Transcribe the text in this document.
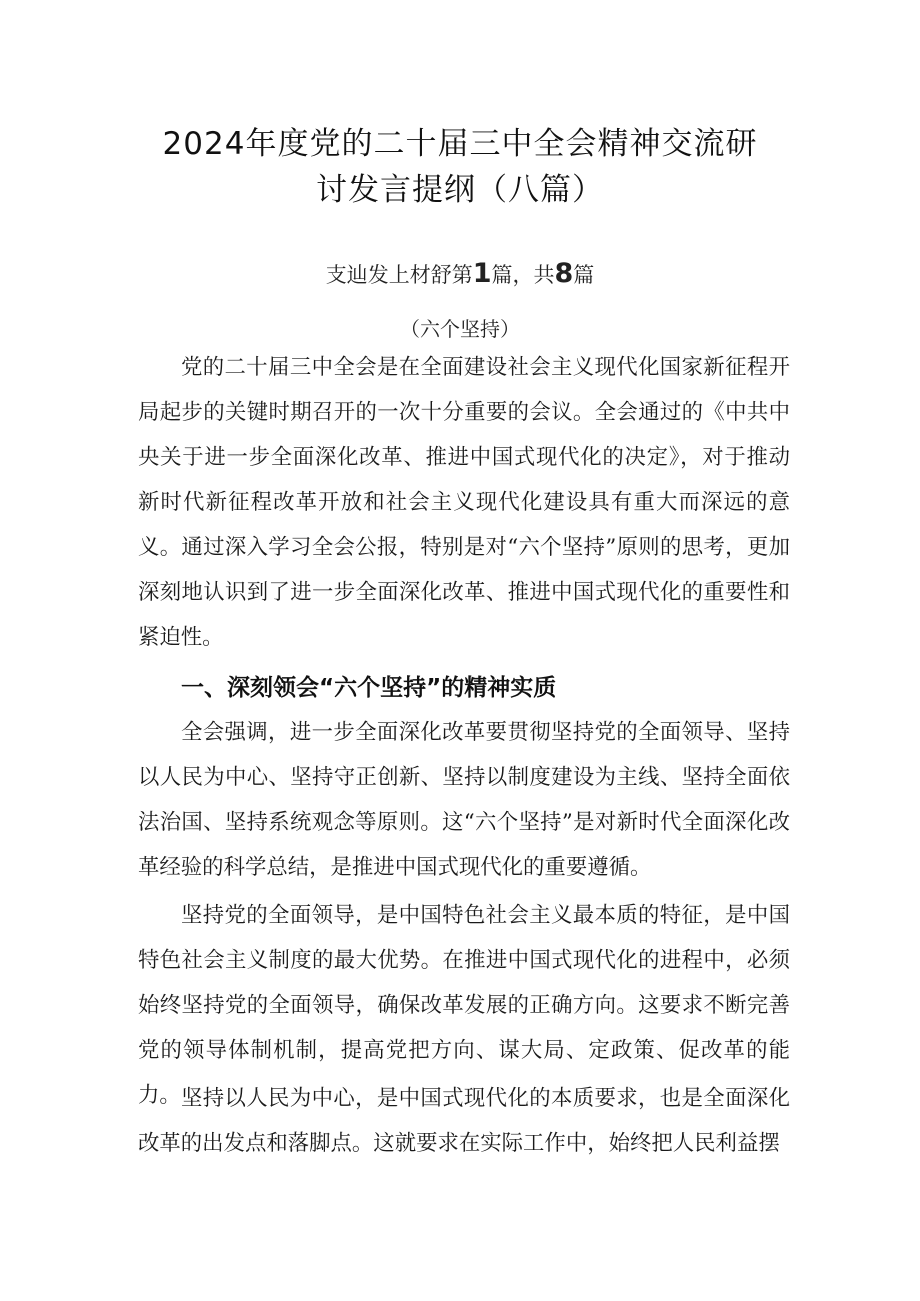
2024年度党的二十届三中全会精神交流研
讨发言提纲（八篇）
支辿发上材舒第1篇，共8篇
（六个坚持）

党的二十届三中全会是在全面建设社会主义现代化国家新征程开局起步的关键时期召开的一次十分重要的会议。全会通过的《中共中央关于进一步全面深化改革、推进中国式现代化的决定》，对于推动新时代新征程改革开放和社会主义现代化建设具有重大而深远的意义。通过深入学习全会公报，特别是对“六个坚持”原则的思考，更加深刻地认识到了进一步全面深化改革、推进中国式现代化的重要性和紧迫性。

一、深刻领会“六个坚持”的精神实质

全会强调，进一步全面深化改革要贯彻坚持党的全面领导、坚持以人民为中心、坚持守正创新、坚持以制度建设为主线、坚持全面依法治国、坚持系统观念等原则。这“六个坚持”是对新时代全面深化改革经验的科学总结，是推进中国式现代化的重要遵循。

坚持党的全面领导，是中国特色社会主义最本质的特征，是中国特色社会主义制度的最大优势。在推进中国式现代化的进程中，必须始终坚持党的全面领导，确保改革发展的正确方向。这要求不断完善党的领导体制机制，提高党把方向、谋大局、定政策、促改革的能力。 坚持以人民为中心，是中国式现代化的本质要求，也是全面深化改革的出发点和落脚点。这就要求在实际工作中，始终把人民利益摆
